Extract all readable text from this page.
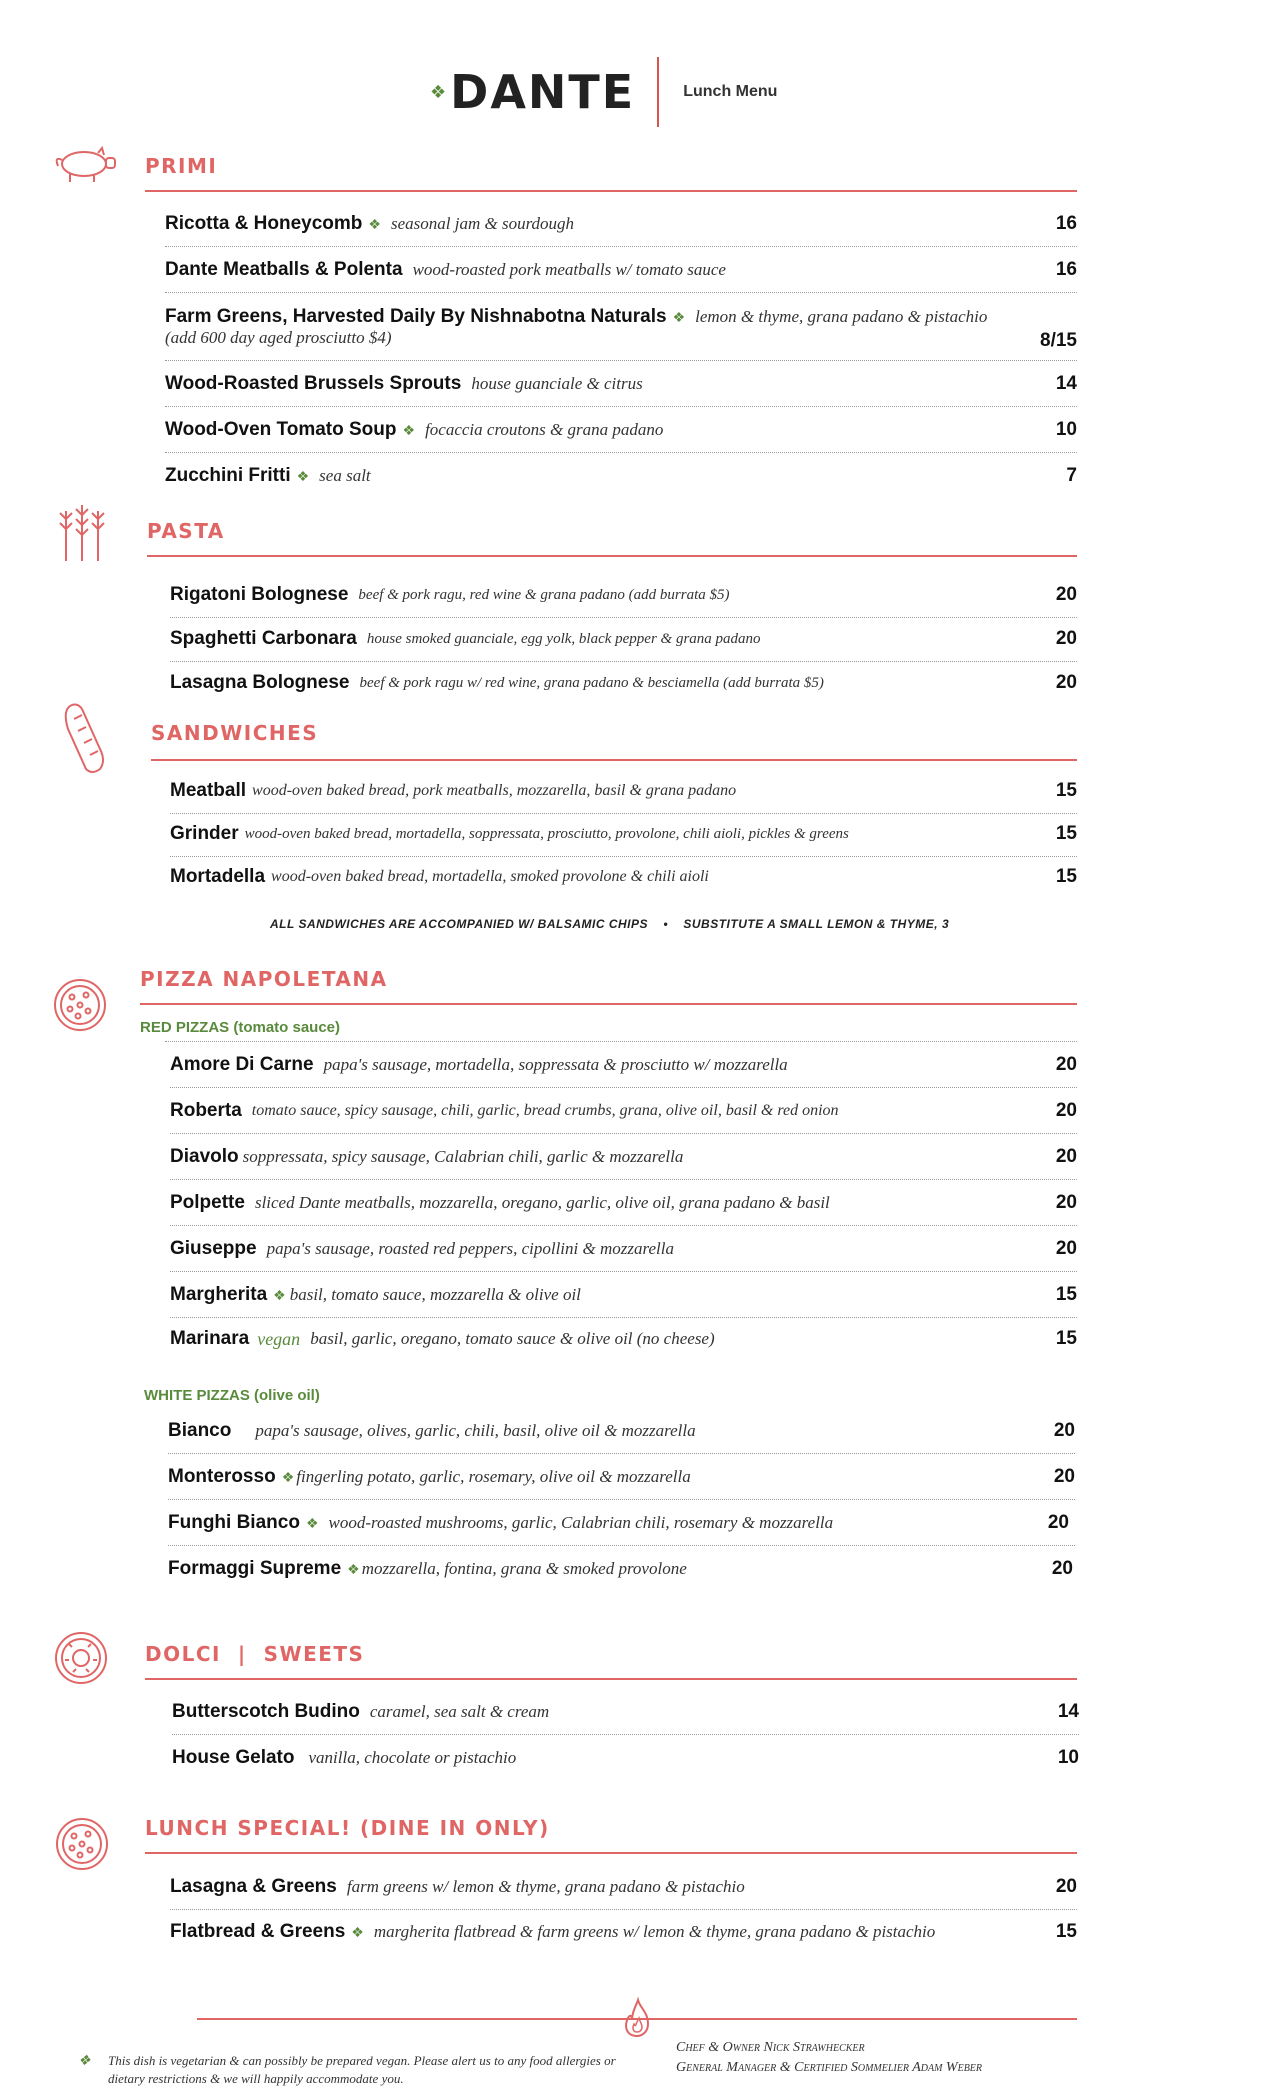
❖ DANTE	Lunch Menu
PRIMI
Ricotta & Honeycomb ❖ seasonal jam & sourdough	16
Dante Meatballs & Polenta wood-roasted pork meatballs w/ tomato sauce	16
Farm Greens, Harvested Daily By Nishnabotna Naturals ❖ lemon & thyme, grana padano & pistachio
(add 600 day aged prosciutto $4)	8/15
Wood-Roasted Brussels Sprouts house guanciale & citrus	14
Wood-Oven Tomato Soup ❖ focaccia croutons & grana padano	10
Zucchini Fritti ❖ sea salt	7
PASTA
Rigatoni Bolognese beef & pork ragu, red wine & grana padano (add burrata $5)	20
Spaghetti Carbonara house smoked guanciale, egg yolk, black pepper & grana padano	20
Lasagna Bolognese beef & pork ragu w/ red wine, grana padano & besciamella (add burrata $5)	20
SANDWICHES
Meatball wood-oven baked bread, pork meatballs, mozzarella, basil & grana padano	15
Grinder wood-oven baked bread, mortadella, soppressata, prosciutto, provolone, chili aioli, pickles & greens	15
Mortadella wood-oven baked bread, mortadella, smoked provolone & chili aioli	15
ALL SANDWICHES ARE ACCOMPANIED W/ BALSAMIC CHIPS • SUBSTITUTE A SMALL LEMON & THYME, 3
PIZZA NAPOLETANA
RED PIZZAS (tomato sauce)
Amore Di Carne papa's sausage, mortadella, soppressata & prosciutto w/ mozzarella	20
Roberta tomato sauce, spicy sausage, chili, garlic, bread crumbs, grana, olive oil, basil & red onion	20
Diavolo soppressata, spicy sausage, Calabrian chili, garlic & mozzarella	20
Polpette sliced Dante meatballs, mozzarella, oregano, garlic, olive oil, grana padano & basil	20
Giuseppe papa's sausage, roasted red peppers, cipollini & mozzarella	20
Margherita ❖ basil, tomato sauce, mozzarella & olive oil	15
Marinara vegan basil, garlic, oregano, tomato sauce & olive oil (no cheese)	15
WHITE PIZZAS (olive oil)
Bianco papa's sausage, olives, garlic, chili, basil, olive oil & mozzarella	20
Monterosso ❖ fingerling potato, garlic, rosemary, olive oil & mozzarella	20
Funghi Bianco ❖ wood-roasted mushrooms, garlic, Calabrian chili, rosemary & mozzarella	20
Formaggi Supreme ❖ mozzarella, fontina, grana & smoked provolone	20
DOLCI  |  SWEETS
Butterscotch Budino caramel, sea salt & cream	14
House Gelato vanilla, chocolate or pistachio	10
LUNCH SPECIAL! (DINE IN ONLY)
Lasagna & Greens farm greens w/ lemon & thyme, grana padano & pistachio	20
Flatbread & Greens ❖ margherita flatbread & farm greens w/ lemon & thyme, grana padano & pistachio	15
❖	This dish is vegetarian & can possibly be prepared vegan. Please alert us to any food allergies or dietary restrictions & we will happily accommodate you.
Chef & Owner Nick Strawhecker
General Manager & Certified Sommelier Adam Weber
